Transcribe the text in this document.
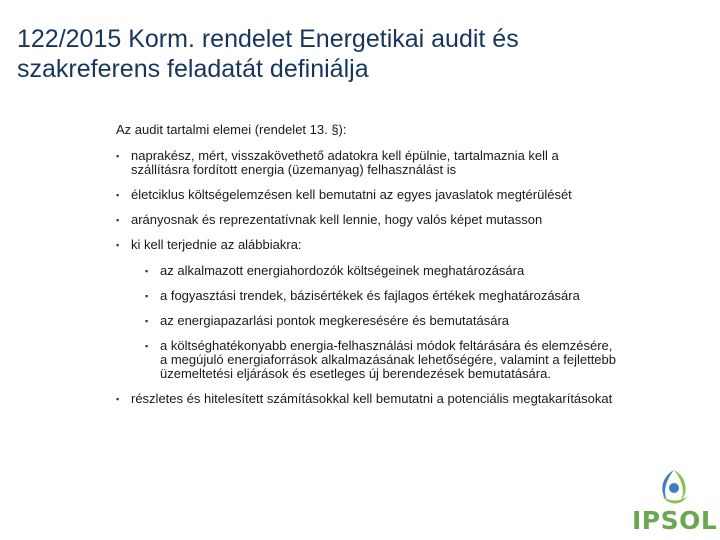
122/2015 Korm. rendelet Energetikai audit és
szakreferens feladatát definiálja
Az audit tartalmi elemei (rendelet 13. §):
▪ naprakész, mért, visszakövethető adatokra kell épülnie, tartalmaznia kell a szállításra fordított energia (üzemanyag) felhasználást is
▪ életciklus költségelemzésen kell bemutatni az egyes javaslatok megtérülését
▪ arányosnak és reprezentatívnak kell lennie, hogy valós képet mutasson
▪ ki kell terjednie az alábbiakra:
▪ az alkalmazott energiahordozók költségeinek meghatározására
▪ a fogyasztási trendek, bázisértékek és fajlagos értékek meghatározására
▪ az energiapazarlási pontok megkeresésére és bemutatására
▪ a költséghatékonyabb energia-felhasználási módok feltárására és elemzésére, a megújuló energiaforrások alkalmazásának lehetőségére, valamint a fejlettebb üzemeltetési eljárások és esetleges új berendezések bemutatására.
▪ részletes és hitelesített számításokkal kell bemutatni a potenciális megtakarításokat
IPSOL
